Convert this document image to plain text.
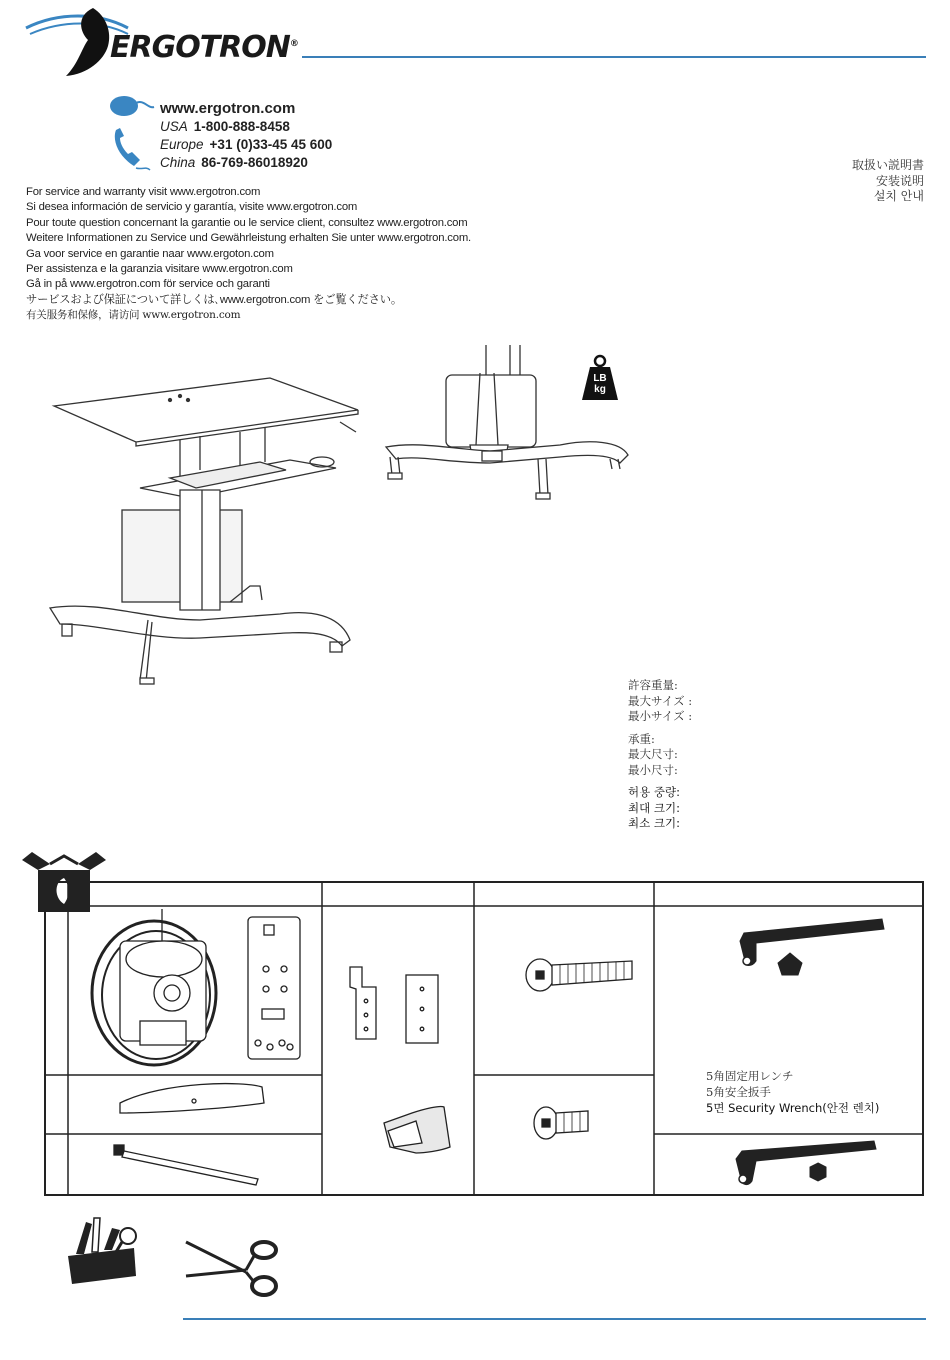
ERGOTRON®
www.ergotron.com
USA 1-800-888-8458
Europe +31 (0)33-45 45 600
China 86-769-86018920
For service and warranty visit www.ergotron.com
Si desea información de servicio y garantía, visite www.ergotron.com
Pour toute question concernant la garantie ou le service client, consultez www.ergotron.com
Weitere Informationen zu Service und Gewährleistung erhalten Sie unter www.ergotron.com.
Ga voor service en garantie naar www.ergoton.com
Per assistenza e la garanzia visitare www.ergotron.com
Gå in på www.ergotron.com för service och garanti
サービスおよび保証について詳しくは､www.ergotron.com をご覧ください。
有关服务和保修，请访问 www.ergotron.com
取扱い説明書
安装说明
설치 안내
LB
kg
許容重量:
最大サイズ :
最小サイズ :
承重:
最大尺寸:
最小尺寸:
허용 중량:
최대 크기:
최소 크기:
5角固定用レンチ
5角安全扳手
5면 Security Wrench(안전 렌치)
